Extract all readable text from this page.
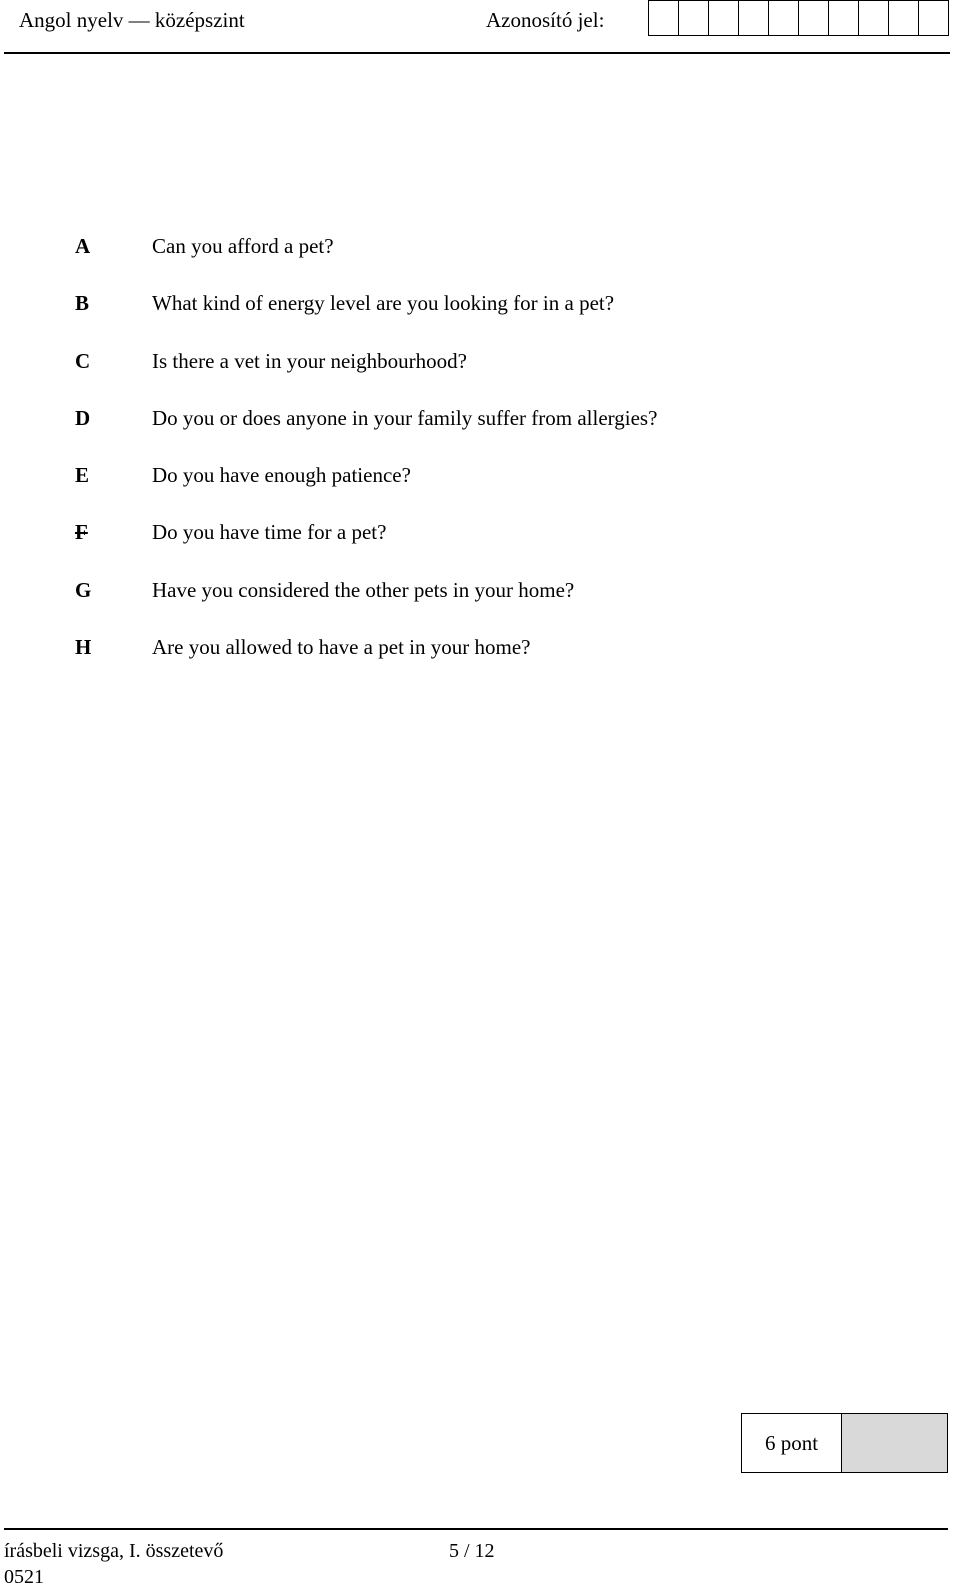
Angol nyelv — középszint	Azonosító jel:
A	Can you afford a pet?
B	What kind of energy level are you looking for in a pet?
C	Is there a vet in your neighbourhood?
D	Do you or does anyone in your family suffer from allergies?
E	Do you have enough patience?
F	Do you have time for a pet?
G	Have you considered the other pets in your home?
H	Are you allowed to have a pet in your home?
6 pont
írásbeli vizsga, I. összetevő
0521
5 / 12
